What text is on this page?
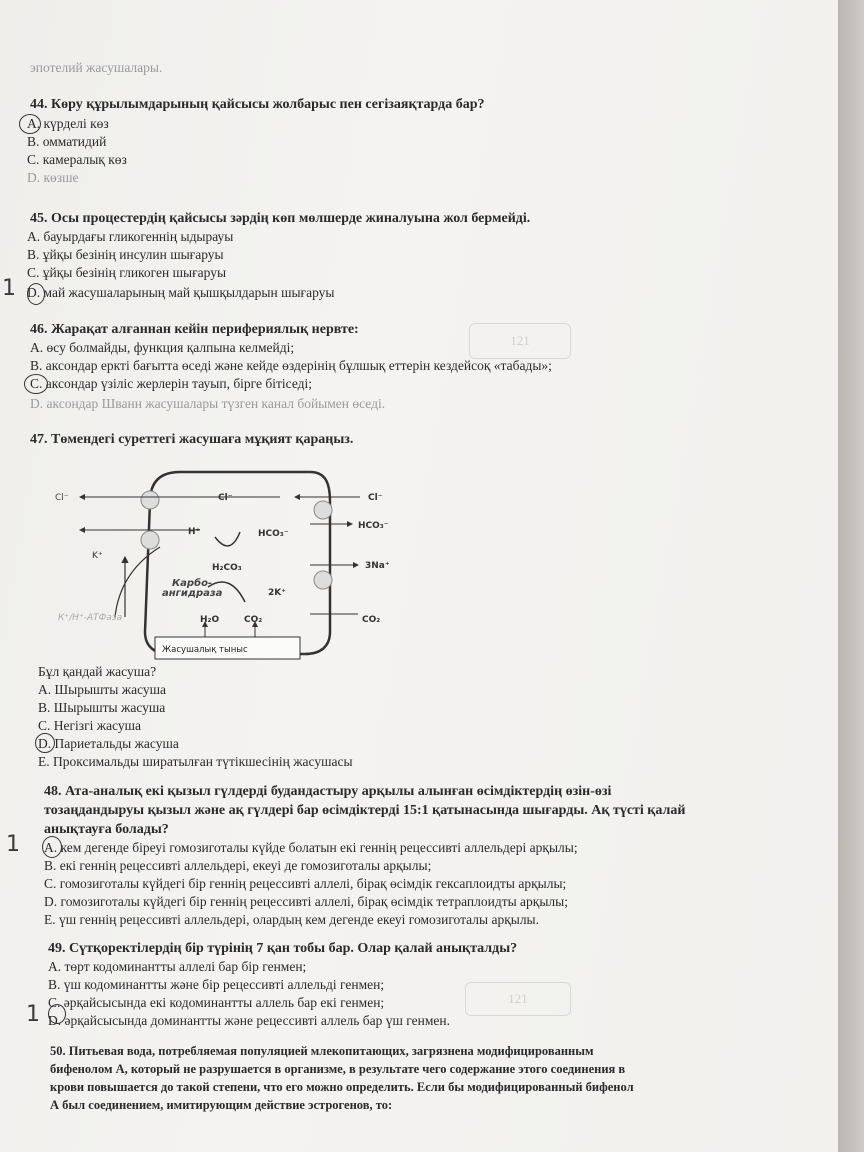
эпотелий жасушалары.
44. Көру құрылымдарының қайсысы жолбарыс пен сегізаяқтарда бар?
А. күрделі көз
В. омматидий
С. камералық көз
D. көзше
45. Осы процестердің қайсысы зәрдің көп мөлшерде жиналуына жол бермейді.
А. бауырдағы гликогеннің ыдырауы
В. ұйқы безінің инсулин шығаруы
С. ұйқы безінің гликоген шығаруы
D. май жасушаларының май қышқылдарын шығаруы
1
46. Жарақат алғаннан кейін перифериялық нервте:
А. өсу болмайды, функция қалпына келмейді;
В. аксондар еркті бағытта өседі және кейде өздерінің бұлшық еттерін кездейсоқ «табады»;
С. аксондар үзіліс жерлерін тауып, бірге бітіседі;
D. аксондар Шванн жасушалары түзген канал бойымен өседі.
121
47. Төмендегі суреттегі жасушаға мұқият қараңыз.
Cl⁻	Cl⁻	Cl⁻
H⁺	HCO₃⁻
HCO₃⁻
K⁺
H₂CO₃	3Na⁺
Карбо-
ангидраза	2K⁺
К⁺/Н⁺-АТФаза	H₂O	CO₂	CO₂
Жасушалық тыныс
Бұл қандай жасуша?
А. Шырышты жасуша
В. Шырышты жасуша
С. Негізгі жасуша
D. Париетальды жасуша
Е. Проксимальды ширатылған түтікшесінің жасушасы
48. Ата-аналық екі қызыл гүлдерді будандастыру арқылы алынған өсімдіктердің өзін-өзі
тозаңдандыруы қызыл және ақ гүлдері бар өсімдіктерді 15:1 қатынасында шығарды. Ақ түсті қалай
анықтауға болады?
А. кем дегенде біреуі гомозиготалы күйде болатын екі геннің рецессивті аллельдері арқылы;
В. екі геннің рецессивті аллельдері, екеуі де гомозиготалы арқылы;
С. гомозиготалы күйдегі бір геннің рецессивті аллелі, бірақ өсімдік гексаплоидты арқылы;
D. гомозиготалы күйдегі бір геннің рецессивті аллелі, бірақ өсімдік тетраплоидты арқылы;
Е. үш геннің рецессивті аллельдері, олардың кем дегенде екеуі гомозиготалы арқылы.
1
49. Сүтқоректілердің бір түрінің 7 қан тобы бар. Олар қалай анықталды?
А. төрт кодоминантты аллелі бар бір генмен;
В. үш кодоминантты және бір рецессивті аллельді генмен;
С. әрқайсысында екі кодоминантты аллель бар екі генмен;
D. әрқайсысында доминантты және рецессивті аллель бар үш генмен.
1
121
50. Питьевая вода, потребляемая популяцией млекопитающих, загрязнена модифицированным
бифенолом А, который не разрушается в организме, в результате чего содержание этого соединения в
крови повышается до такой степени, что его можно определить. Если бы модифицированный бифенол
А был соединением, имитирующим действие эстрогенов, то:
